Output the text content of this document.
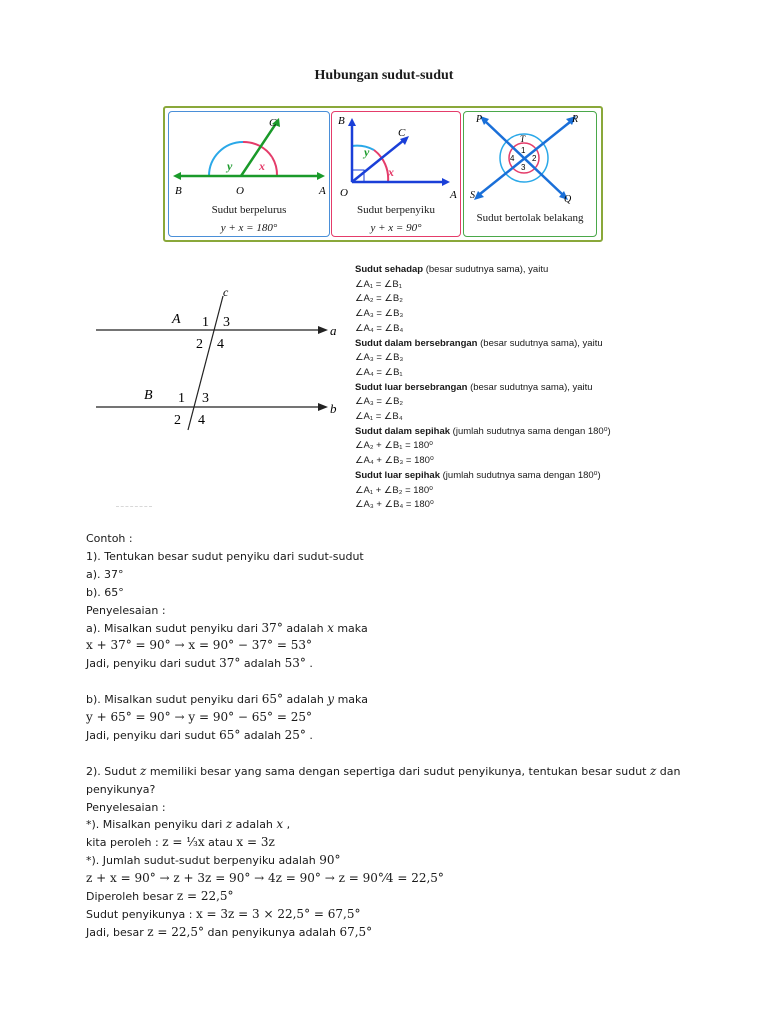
Hubungan sudut-sudut
C
B	O	A
y x
Sudut berpelurus
y + x = 180°
B
C
O	A
y
x
Sudut berpenyiku
y + x = 90°
P	R
T
S	Q
1
2
3
4
Sudut bertolak belakang
c
A
B
a
b
1 3
2 4
1 3
2 4
Sudut sehadap (besar sudutnya sama), yaitu
∠A₁ = ∠B₁
∠A₂ = ∠B₂
∠A₃ = ∠B₃
∠A₄ = ∠B₄
Sudut dalam bersebrangan (besar sudutnya sama), yaitu
∠A₃ = ∠B₃
∠A₄ = ∠B₁
Sudut luar bersebrangan (besar sudutnya sama), yaitu
∠A₃ = ∠B₂
∠A₁ = ∠B₄
Sudut dalam sepihak (jumlah sudutnya sama dengan 180⁰)
∠A₂ + ∠B₁ = 180⁰
∠A₄ + ∠B₃ = 180⁰
Sudut luar sepihak (jumlah sudutnya sama dengan 180⁰)
∠A₁ + ∠B₂ = 180⁰
∠A₃ + ∠B₄ = 180⁰
Contoh :
1). Tentukan besar sudut penyiku dari sudut-sudut
a). 37°
b). 65°
Penyelesaian :
a). Misalkan sudut penyiku dari 37° adalah x maka
x + 37° = 90° → x = 90° − 37° = 53°
Jadi, penyiku dari sudut 37° adalah 53° .
b). Misalkan sudut penyiku dari 65° adalah y maka
y + 65° = 90° → y = 90° − 65° = 25°
Jadi, penyiku dari sudut 65° adalah 25° .
2). Sudut z memiliki besar yang sama dengan sepertiga dari sudut penyikunya, tentukan besar sudut z dan penyikunya?
Penyelesaian :
*). Misalkan penyiku dari z adalah x ,
kita peroleh : z = ⅓x atau x = 3z
*). Jumlah sudut-sudut berpenyiku adalah 90°
z + x = 90° → z + 3z = 90° → 4z = 90° → z = 90°⁄4 = 22,5°
Diperoleh besar z = 22,5°
Sudut penyikunya : x = 3z = 3 × 22,5° = 67,5°
Jadi, besar z = 22,5° dan penyikunya adalah 67,5°
